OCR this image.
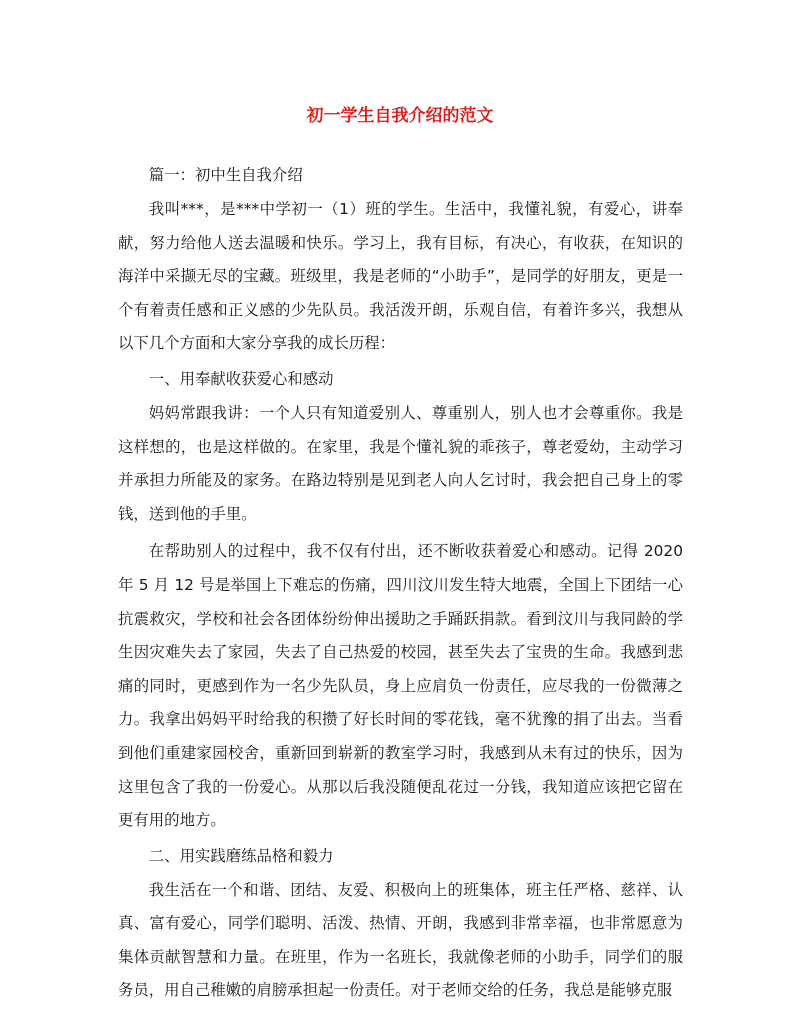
初一学生自我介绍的范文

篇一：初中生自我介绍

我叫***，是***中学初一（1）班的学生。生活中，我懂礼貌，有爱心，讲奉献，努力给他人送去温暖和快乐。学习上，我有目标，有决心，有收获，在知识的海洋中采撷无尽的宝藏。班级里，我是老师的“小助手”，是同学的好朋友，更是一个有着责任感和正义感的少先队员。我活泼开朗，乐观自信，有着许多兴，我想从以下几个方面和大家分享我的成长历程：

一、用奉献收获爱心和感动

妈妈常跟我讲：一个人只有知道爱别人、尊重别人，别人也才会尊重你。我是这样想的，也是这样做的。在家里，我是个懂礼貌的乖孩子，尊老爱幼，主动学习并承担力所能及的家务。在路边特别是见到老人向人乞讨时，我会把自己身上的零钱，送到他的手里。

在帮助别人的过程中，我不仅有付出，还不断收获着爱心和感动。记得 2020 年 5 月 12 号是举国上下难忘的伤痛，四川汶川发生特大地震，全国上下团结一心抗震救灾，学校和社会各团体纷纷伸出援助之手踊跃捐款。看到汶川与我同龄的学生因灾难失去了家园，失去了自己热爱的校园，甚至失去了宝贵的生命。我感到悲痛的同时，更感到作为一名少先队员，身上应肩负一份责任，应尽我的一份微薄之力。我拿出妈妈平时给我的积攒了好长时间的零花钱，毫不犹豫的捐了出去。当看到他们重建家园校舍，重新回到崭新的教室学习时，我感到从未有过的快乐，因为这里包含了我的一份爱心。从那以后我没随便乱花过一分钱，我知道应该把它留在更有用的地方。

二、用实践磨练品格和毅力

我生活在一个和谐、团结、友爱、积极向上的班集体，班主任严格、慈祥、认真、富有爱心，同学们聪明、活泼、热情、开朗，我感到非常幸福，也非常愿意为集体贡献智慧和力量。在班里，作为一名班长，我就像老师的小助手，同学们的服务员，用自己稚嫩的肩膀承担起一份责任。对于老师交给的任务，我总是能够克服
